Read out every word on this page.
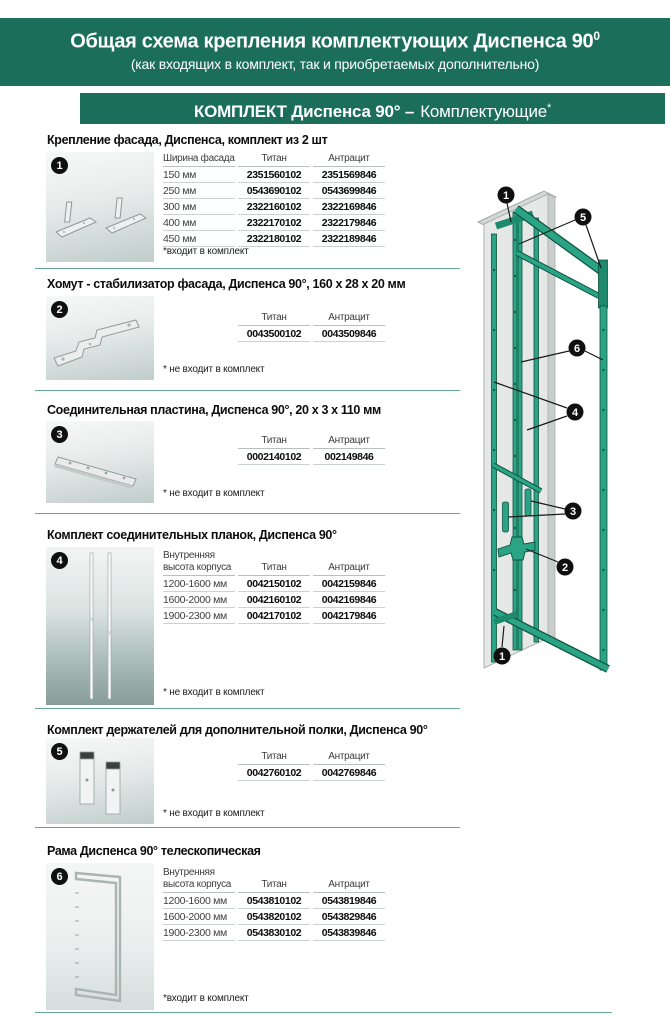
Общая схема крепления комплектующих Диспенса $90^0$
(как входящих в комплект, так и приобретаемых дополнительно)
КОМПЛЕКТ Диспенса 90° – Комплектующие*
Крепление фасада, Диспенса, комплект из 2 шт
1
Ширина фасада	Титан	Антрацит
150 мм	2351560102	2351569846
250 мм	0543690102	0543699846
300 мм	2322160102	2322169846
400 мм	2322170102	2322179846
450 мм	2322180102	2322189846
*входит в комплект
Хомут - стабилизатор фасада, Диспенса 90°, 160 x 28 x 20 мм
2
Титан	Антрацит
0043500102	0043509846
* не входит в комплект
Соединительная пластина, Диспенса 90°, 20 x 3 x 110 мм
3	Титан	Антрацит
0002140102	002149846
* не входит в комплект
Комплект соединительных планок, Диспенса 90°
4	Внутренняя высота корпуса	Титан	Антрацит
1200-1600 мм	0042150102	0042159846
1600-2000 мм	0042160102	0042169846
1900-2300 мм	0042170102	0042179846
* не входит в комплект
Комплект держателей для дополнительной полки, Диспенса 90°
5	Титан	Антрацит
0042760102	0042769846
* не входит в комплект
Рама Диспенса 90° телескопическая
6	Внутренняя высота корпуса	Титан	Антрацит
1200-1600 мм	0543810102	0543819846
1600-2000 мм	0543820102	0543829846
1900-2300 мм	0543830102	0543839846
*входит в комплект
1
5
6
4
3
2
1
